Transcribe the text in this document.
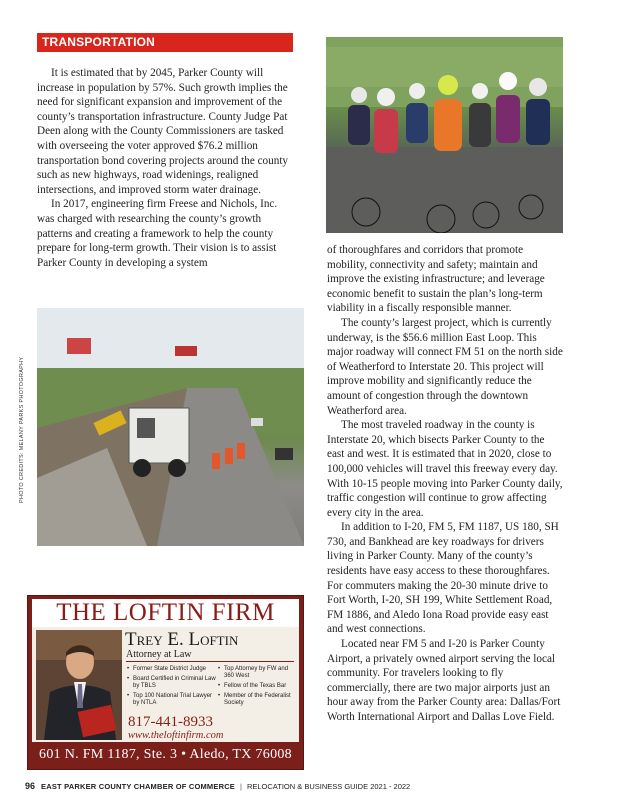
TRANSPORTATION

It is estimated that by 2045, Parker County will increase in population by 57%. Such growth implies the need for significant expansion and improvement of the county’s transportation infrastructure. County Judge Pat Deen along with the County Commissioners are tasked with overseeing the voter approved $76.2 million transportation bond covering projects around the county such as new highways, road widenings, realigned intersections, and improved storm water drainage.

In 2017, engineering firm Freese and Nichols, Inc. was charged with researching the county’s growth patterns and creating a framework to help the county prepare for long-term growth. Their vision is to assist Parker County in developing a system

of thoroughfares and corridors that promote mobility, connectivity and safety; maintain and improve the existing infrastructure; and leverage economic benefit to sustain the plan’s long-term viability in a fiscally responsible manner.

The county’s largest project, which is currently underway, is the $56.6 million East Loop. This major roadway will connect FM 51 on the north side of Weatherford to Interstate 20. This project will improve mobility and significantly reduce the amount of congestion through the downtown Weatherford area.

The most traveled roadway in the county is Interstate 20, which bisects Parker County to the east and west. It is estimated that in 2020, close to 100,000 vehicles will travel this freeway every day. With 10-15 people moving into Parker County daily, traffic congestion will continue to grow affecting every city in the area.

In addition to I-20, FM 5, FM 1187, US 180, SH 730, and Bankhead are key roadways for drivers living in Parker County. Many of the county’s residents have easy access to these thoroughfares. For commuters making the 20-30 minute drive to Fort Worth, I-20, SH 199, White Settlement Road, FM 1886, and Aledo Iona Road provide easy east and west connections.

Located near FM 5 and I-20 is Parker County Airport, a privately owned airport serving the local community. For travelers looking to fly commercially, there are two major airports just an hour away from the Parker County area: Dallas/Fort Worth International Airport and Dallas Love Field.

PHOTO CREDITS: MELANY PARKS PHOTOGRAPHY
THE LOFTIN FIRM
Trey E. Loftin
Attorney at Law
• Former State District Judge
• Board Certified in Criminal Law by TBLS
• Top 100 National Trial Lawyer by NTLA
• Top Attorney by FW and 360 West
• Fellow of the Texas Bar
• Member of the Federalist Society
817-441-8933
www.theloftinfirm.com
601 N. FM 1187, Ste. 3 • Aledo, TX 76008
96 EAST PARKER COUNTY CHAMBER OF COMMERCE | RELOCATION & BUSINESS GUIDE 2021 - 2022
